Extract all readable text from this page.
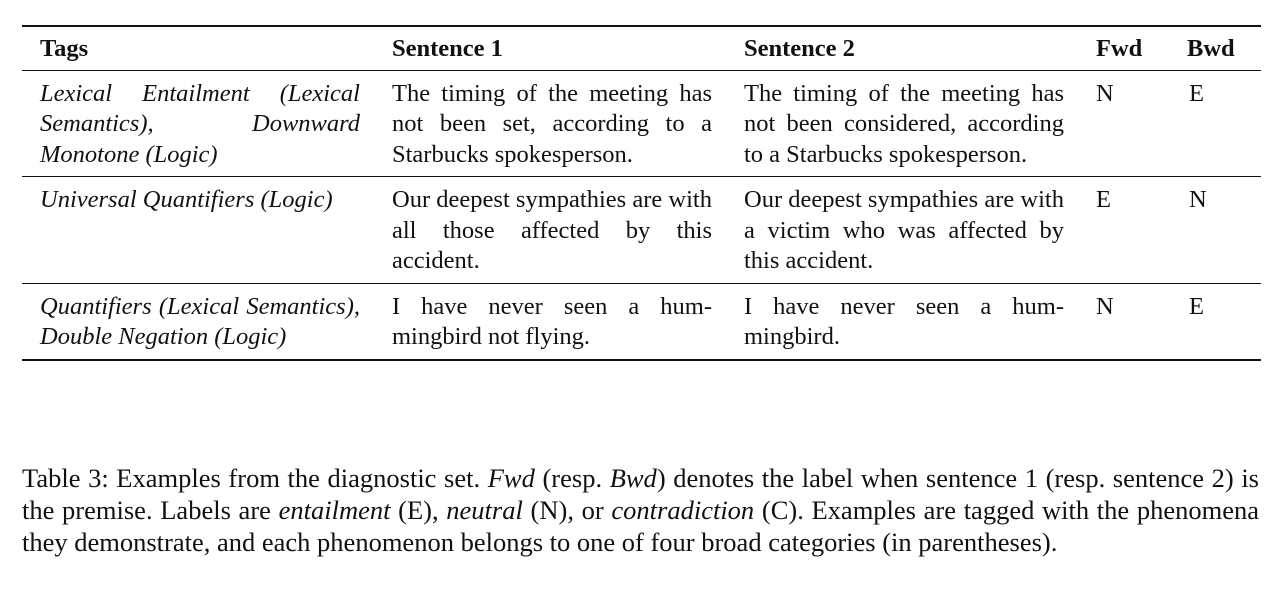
Tags	Sentence 1	Sentence 2	Fwd	Bwd
Lexical Entailment (Lexical Semantics), Downward Monotone (Logic)	The timing of the meeting has not been set, according to a Starbucks spokesperson.	The timing of the meeting has not been considered, according to a Starbucks spokesperson.	N	E
Universal Quantifiers (Logic)	Our deepest sympathies are with all those affected by this accident.	Our deepest sympathies are with a victim who was affected by this accident.	E	N
Quantifiers (Lexical Semantics), Double Negation (Logic)	I have never seen a hummingbird not flying.	I have never seen a hummingbird.	N	E

Table 3: Examples from the diagnostic set. Fwd (resp. Bwd) denotes the label when sentence 1 (resp. sentence 2) is the premise. Labels are entailment (E), neutral (N), or contradiction (C). Examples are tagged with the phenomena they demonstrate, and each phenomenon belongs to one of four broad categories (in parentheses).
